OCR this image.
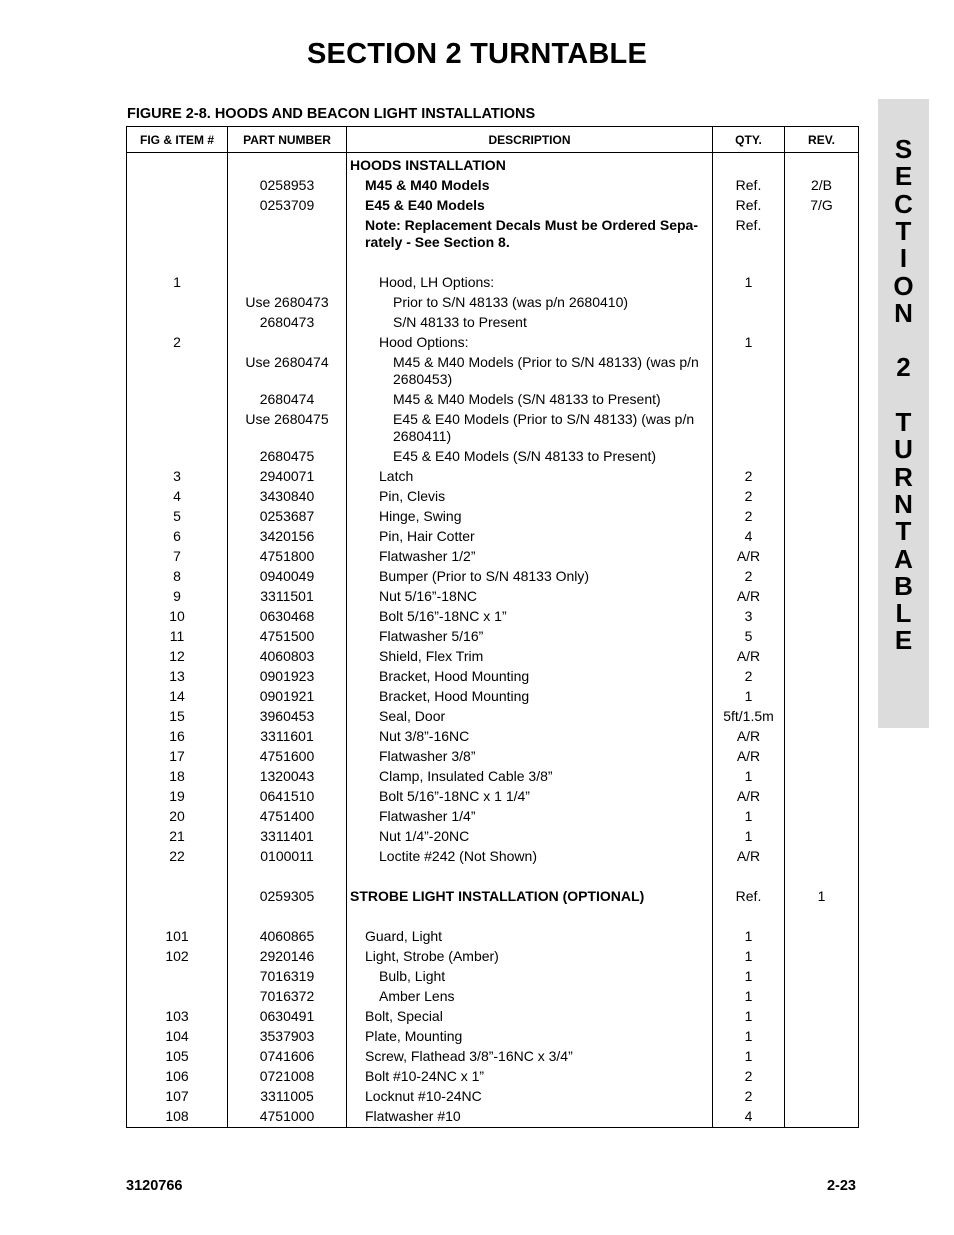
SECTION 2 TURNTABLE
FIGURE 2-8. HOODS AND BEACON LIGHT INSTALLATIONS
S
E
C
T
I
O
N
2
T
U
R
N
T
A
B
L
E
FIG & ITEM #	PART NUMBER	DESCRIPTION	QTY.	REV.
		HOODS INSTALLATION		
	0258953	M45 & M40 Models	Ref.	2/B
	0253709	E45 & E40 Models	Ref.	7/G
		Note: Replacement Decals Must be Ordered Sepa- rately - See Section 8.	Ref.	

1		Hood, LH Options:	1	
	Use 2680473	Prior to S/N 48133 (was p/n 2680410)		
	2680473	S/N 48133 to Present		
2		Hood Options:	1	
	Use 2680474	M45 & M40 Models (Prior to S/N 48133) (was p/n 2680453)		
	2680474	M45 & M40 Models (S/N 48133 to Present)		
	Use 2680475	E45 & E40 Models (Prior to S/N 48133) (was p/n 2680411)		
	2680475	E45 & E40 Models (S/N 48133 to Present)		
3	2940071	Latch	2	
4	3430840	Pin, Clevis	2	
5	0253687	Hinge, Swing	2	
6	3420156	Pin, Hair Cotter	4	
7	4751800	Flatwasher 1/2”	A/R	
8	0940049	Bumper (Prior to S/N 48133 Only)	2	
9	3311501	Nut 5/16”-18NC	A/R	
10	0630468	Bolt 5/16”-18NC x 1”	3	
11	4751500	Flatwasher 5/16”	5	
12	4060803	Shield, Flex Trim	A/R	
13	0901923	Bracket, Hood Mounting	2	
14	0901921	Bracket, Hood Mounting	1	
15	3960453	Seal, Door	5ft/1.5m	
16	3311601	Nut 3/8”-16NC	A/R	
17	4751600	Flatwasher 3/8”	A/R	
18	1320043	Clamp, Insulated Cable 3/8”	1	
19	0641510	Bolt 5/16”-18NC x 1 1/4”	A/R	
20	4751400	Flatwasher 1/4”	1	
21	3311401	Nut 1/4”-20NC	1	
22	0100011	Loctite #242 (Not Shown)	A/R	

	0259305	STROBE LIGHT INSTALLATION (OPTIONAL)	Ref.	1

101	4060865	Guard, Light	1	
102	2920146	Light, Strobe (Amber)	1	
	7016319	Bulb, Light	1	
	7016372	Amber Lens	1	
103	0630491	Bolt, Special	1	
104	3537903	Plate, Mounting	1	
105	0741606	Screw, Flathead 3/8”-16NC x 3/4”	1	
106	0721008	Bolt #10-24NC x 1”	2	
107	3311005	Locknut #10-24NC	2	
108	4751000	Flatwasher #10	4	
3120766	2-23
